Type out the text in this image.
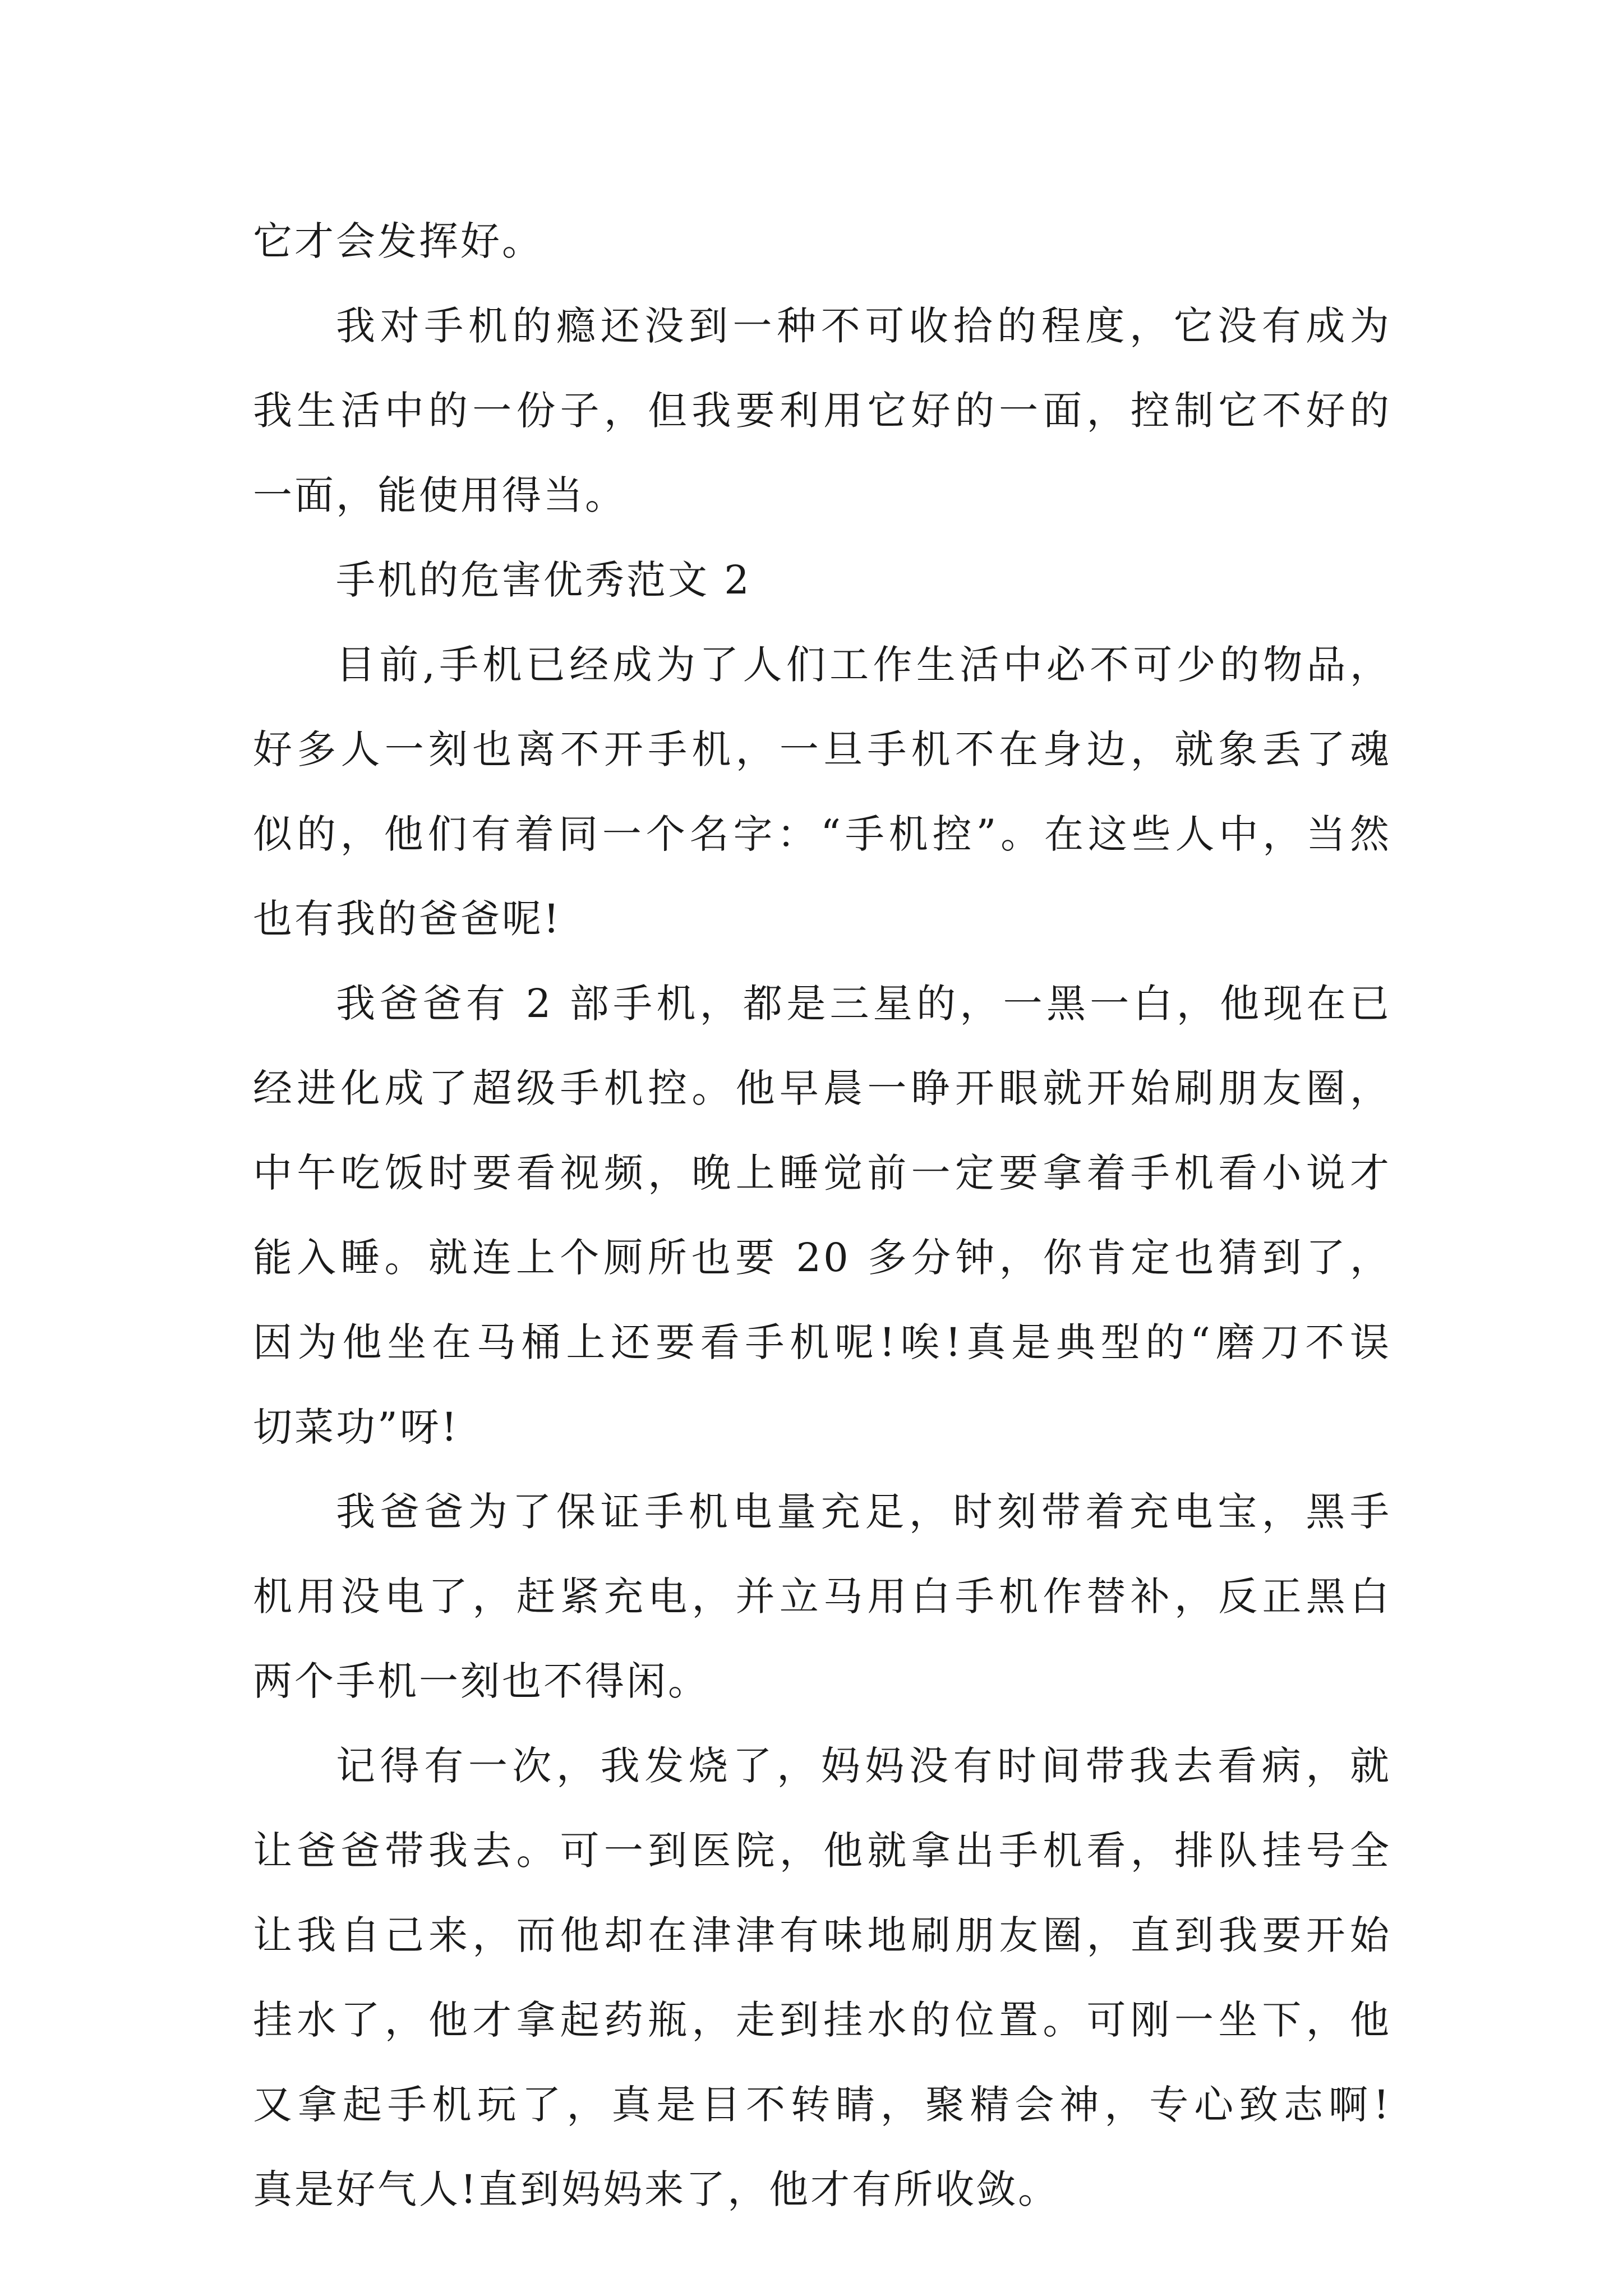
它才会发挥好。
我对手机的瘾还没到一种不可收拾的程度，它没有成为
我生活中的一份子，但我要利用它好的一面，控制它不好的
一面，能使用得当。
手机的危害优秀范文 2
目前,手机已经成为了人们工作生活中必不可少的物品，
好多人一刻也离不开手机，一旦手机不在身边，就象丢了魂
似的，他们有着同一个名字：“手机控”。在这些人中，当然
也有我的爸爸呢!
我爸爸有 2 部手机，都是三星的，一黑一白，他现在已
经进化成了超级手机控。他早晨一睁开眼就开始刷朋友圈，
中午吃饭时要看视频，晚上睡觉前一定要拿着手机看小说才
能入睡。就连上个厕所也要 20 多分钟，你肯定也猜到了，
因为他坐在马桶上还要看手机呢!唉!真是典型的“磨刀不误
切菜功”呀!
我爸爸为了保证手机电量充足，时刻带着充电宝，黑手
机用没电了，赶紧充电，并立马用白手机作替补，反正黑白
两个手机一刻也不得闲。
记得有一次，我发烧了，妈妈没有时间带我去看病，就
让爸爸带我去。可一到医院，他就拿出手机看，排队挂号全
让我自己来，而他却在津津有味地刷朋友圈，直到我要开始
挂水了，他才拿起药瓶，走到挂水的位置。可刚一坐下，他
又拿起手机玩了，真是目不转睛，聚精会神，专心致志啊!
真是好气人!直到妈妈来了，他才有所收敛。
